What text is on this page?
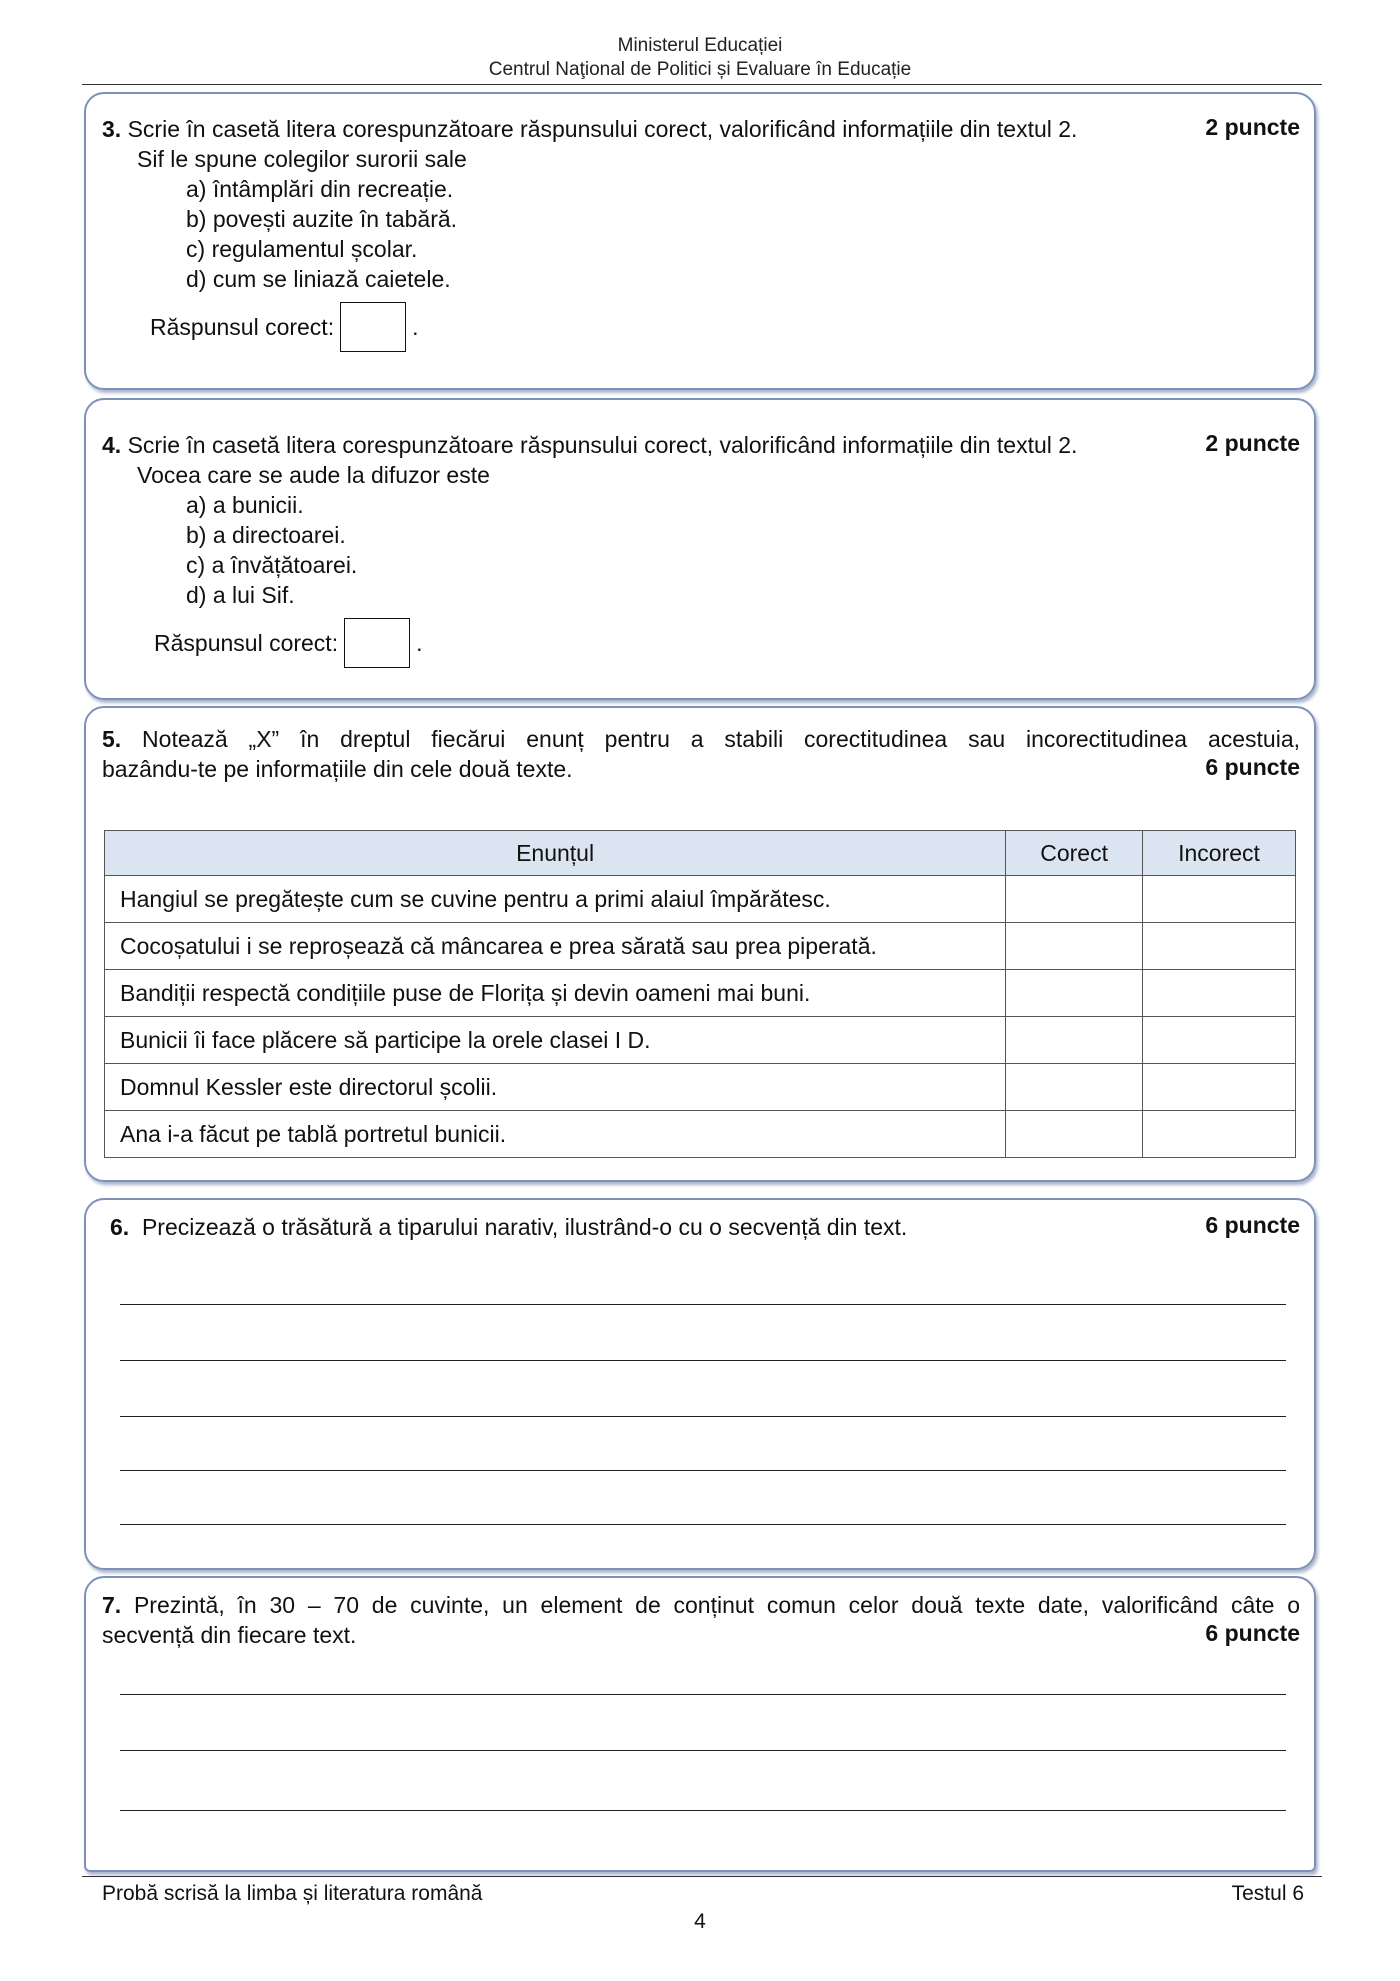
Ministerul Educației
Centrul Naţional de Politici și Evaluare în Educație
3. Scrie în casetă litera corespunzătoare răspunsului corect, valorificând informațiile din textul 2.	2 puncte
Sif le spune colegilor surorii sale
a) întâmplări din recreație.
b) povești auzite în tabără.
c) regulamentul școlar.
d) cum se liniază caietele.
Răspunsul corect:	.
4. Scrie în casetă litera corespunzătoare răspunsului corect, valorificând informațiile din textul 2.	2 puncte
Vocea care se aude la difuzor este
a) a bunicii.
b) a directoarei.
c) a învățătoarei.
d) a lui Sif.
Răspunsul corect:	.
5. Notează „X” în dreptul fiecărui enunț pentru a stabili corectitudinea sau incorectitudinea acestuia,
bazându-te pe informațiile din cele două texte.	6 puncte
Enunțul	Corect	Incorect
Hangiul se pregătește cum se cuvine pentru a primi alaiul împărătesc.		
Cocoșatului i se reproșează că mâncarea e prea sărată sau prea piperată.		
Bandiții respectă condițiile puse de Florița și devin oameni mai buni.		
Bunicii îi face plăcere să participe la orele clasei I D.		
Domnul Kessler este directorul școlii.		
Ana i-a făcut pe tablă portretul bunicii.		
6. Precizează o trăsătură a tiparului narativ, ilustrând-o cu o secvență din text.	6 puncte
7. Prezintă, în 30 – 70 de cuvinte, un element de conținut comun celor două texte date, valorificând câte o
secvență din fiecare text.	6 puncte
Probă scrisă la limba și literatura română	Testul 6
4
